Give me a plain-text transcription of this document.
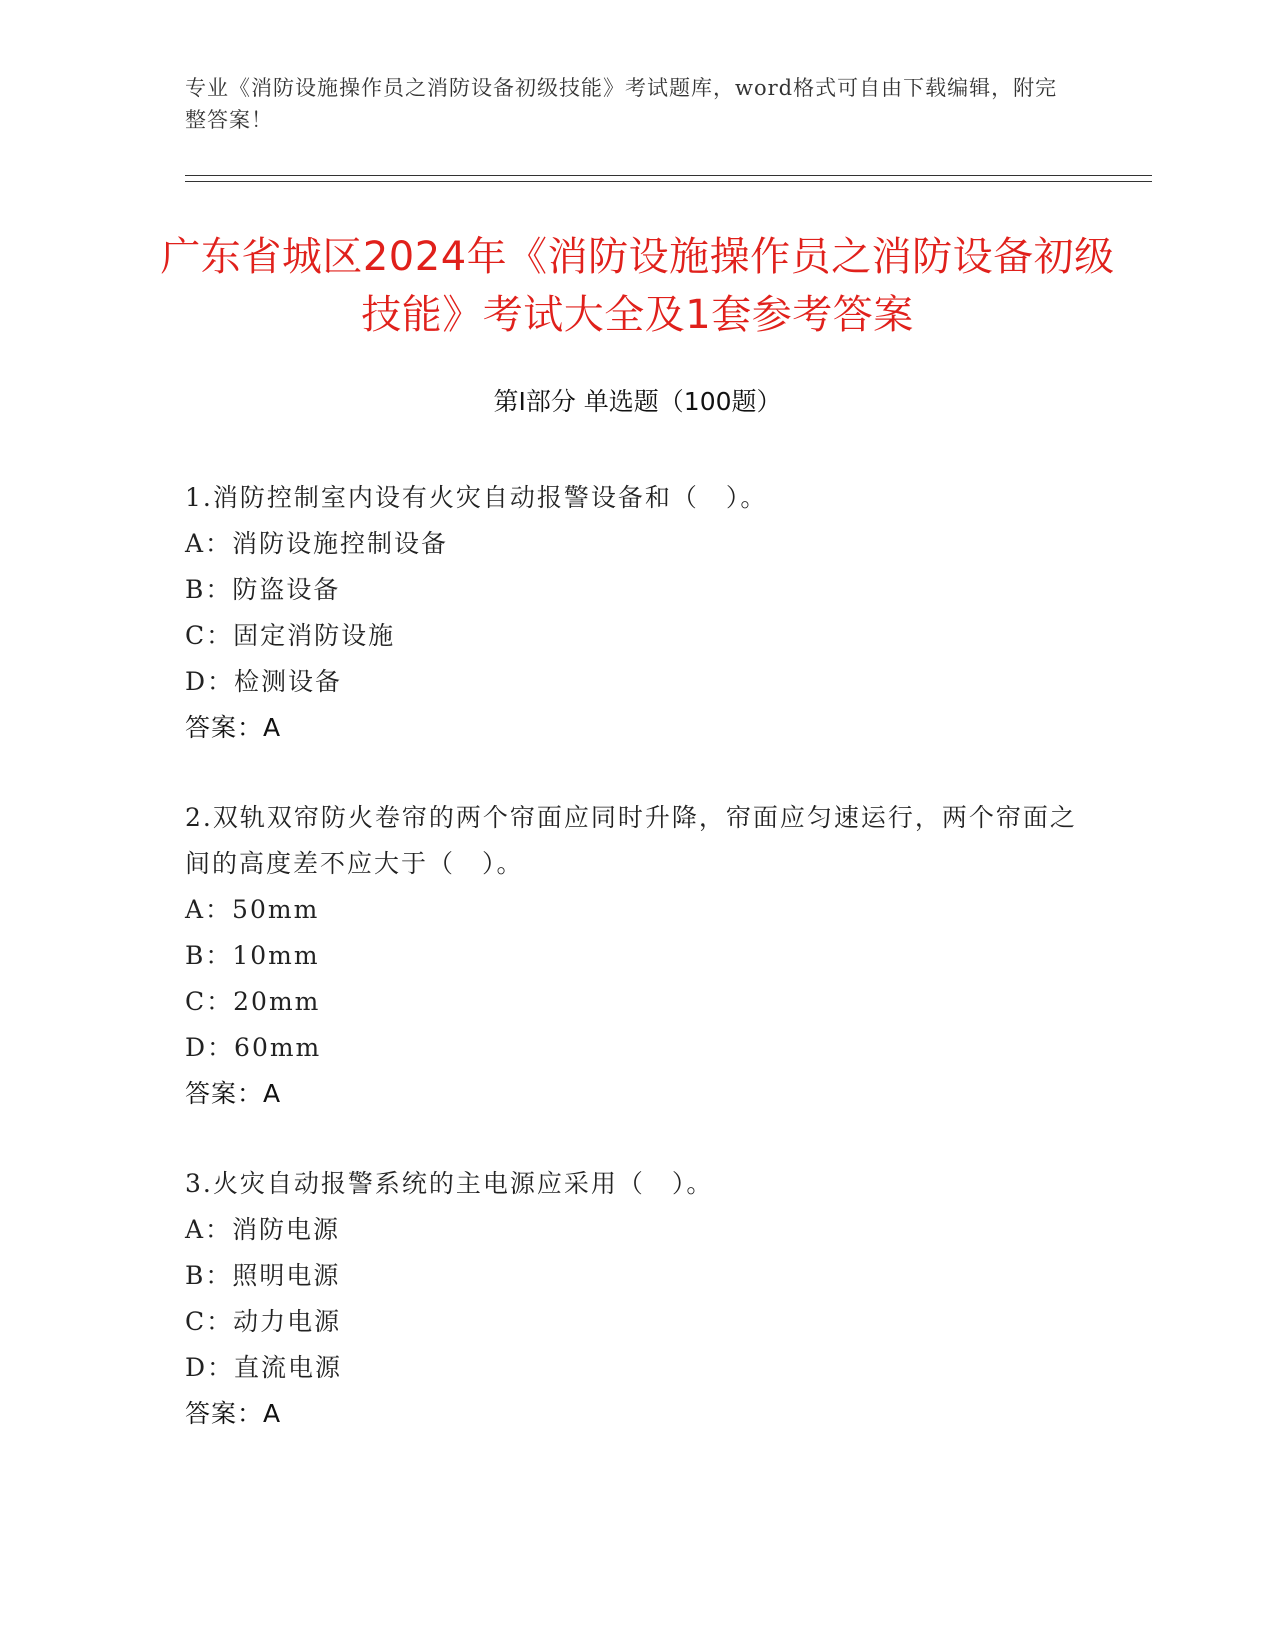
专业《消防设施操作员之消防设备初级技能》考试题库，word格式可自由下载编辑，附完整答案！
广东省城区2024年《消防设施操作员之消防设备初级技能》考试大全及1套参考答案
第I部分 单选题（100题）
1.消防控制室内设有火灾自动报警设备和（　）。
A：消防设施控制设备
B：防盗设备
C：固定消防设施
D：检测设备
答案：A
2.双轨双帘防火卷帘的两个帘面应同时升降，帘面应匀速运行，两个帘面之间的高度差不应大于（　）。
A：50mm
B：10mm
C：20mm
D：60mm
答案：A
3.火灾自动报警系统的主电源应采用（　）。
A：消防电源
B：照明电源
C：动力电源
D：直流电源
答案：A
